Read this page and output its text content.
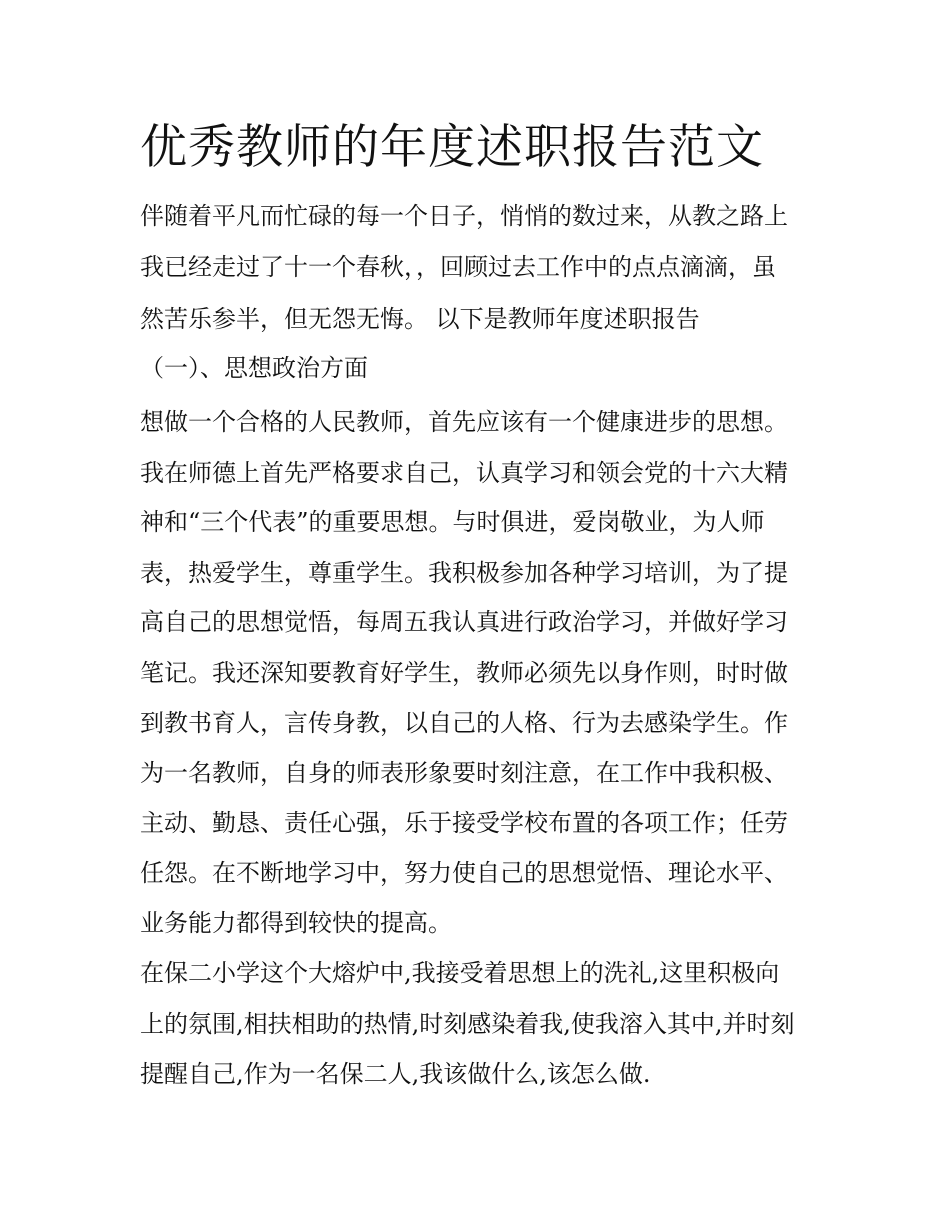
优秀教师的年度述职报告范文
伴随着平凡而忙碌的每一个日子，悄悄的数过来，从教之路上
我已经走过了十一个春秋，，回顾过去工作中的点点滴滴，虽
然苦乐参半，但无怨无悔。 以下是教师年度述职报告
（一）、思想政治方面
想做一个合格的人民教师，首先应该有一个健康进步的思想。
我在师德上首先严格要求自己，认真学习和领会党的十六大精
神和“三个代表”的重要思想。与时俱进，爱岗敬业，为人师
表，热爱学生，尊重学生。我积极参加各种学习培训，为了提
高自己的思想觉悟，每周五我认真进行政治学习，并做好学习
笔记。我还深知要教育好学生，教师必须先以身作则，时时做
到教书育人，言传身教，以自己的人格、行为去感染学生。作
为一名教师，自身的师表形象要时刻注意，在工作中我积极、
主动、勤恳、责任心强，乐于接受学校布置的各项工作；任劳
任怨。在不断地学习中，努力使自己的思想觉悟、理论水平、
业务能力都得到较快的提高。
在保二小学这个大熔炉中,我接受着思想上的洗礼,这里积极向
上的氛围,相扶相助的热情,时刻感染着我,使我溶入其中,并时刻
提醒自己,作为一名保二人,我该做什么,该怎么做.
